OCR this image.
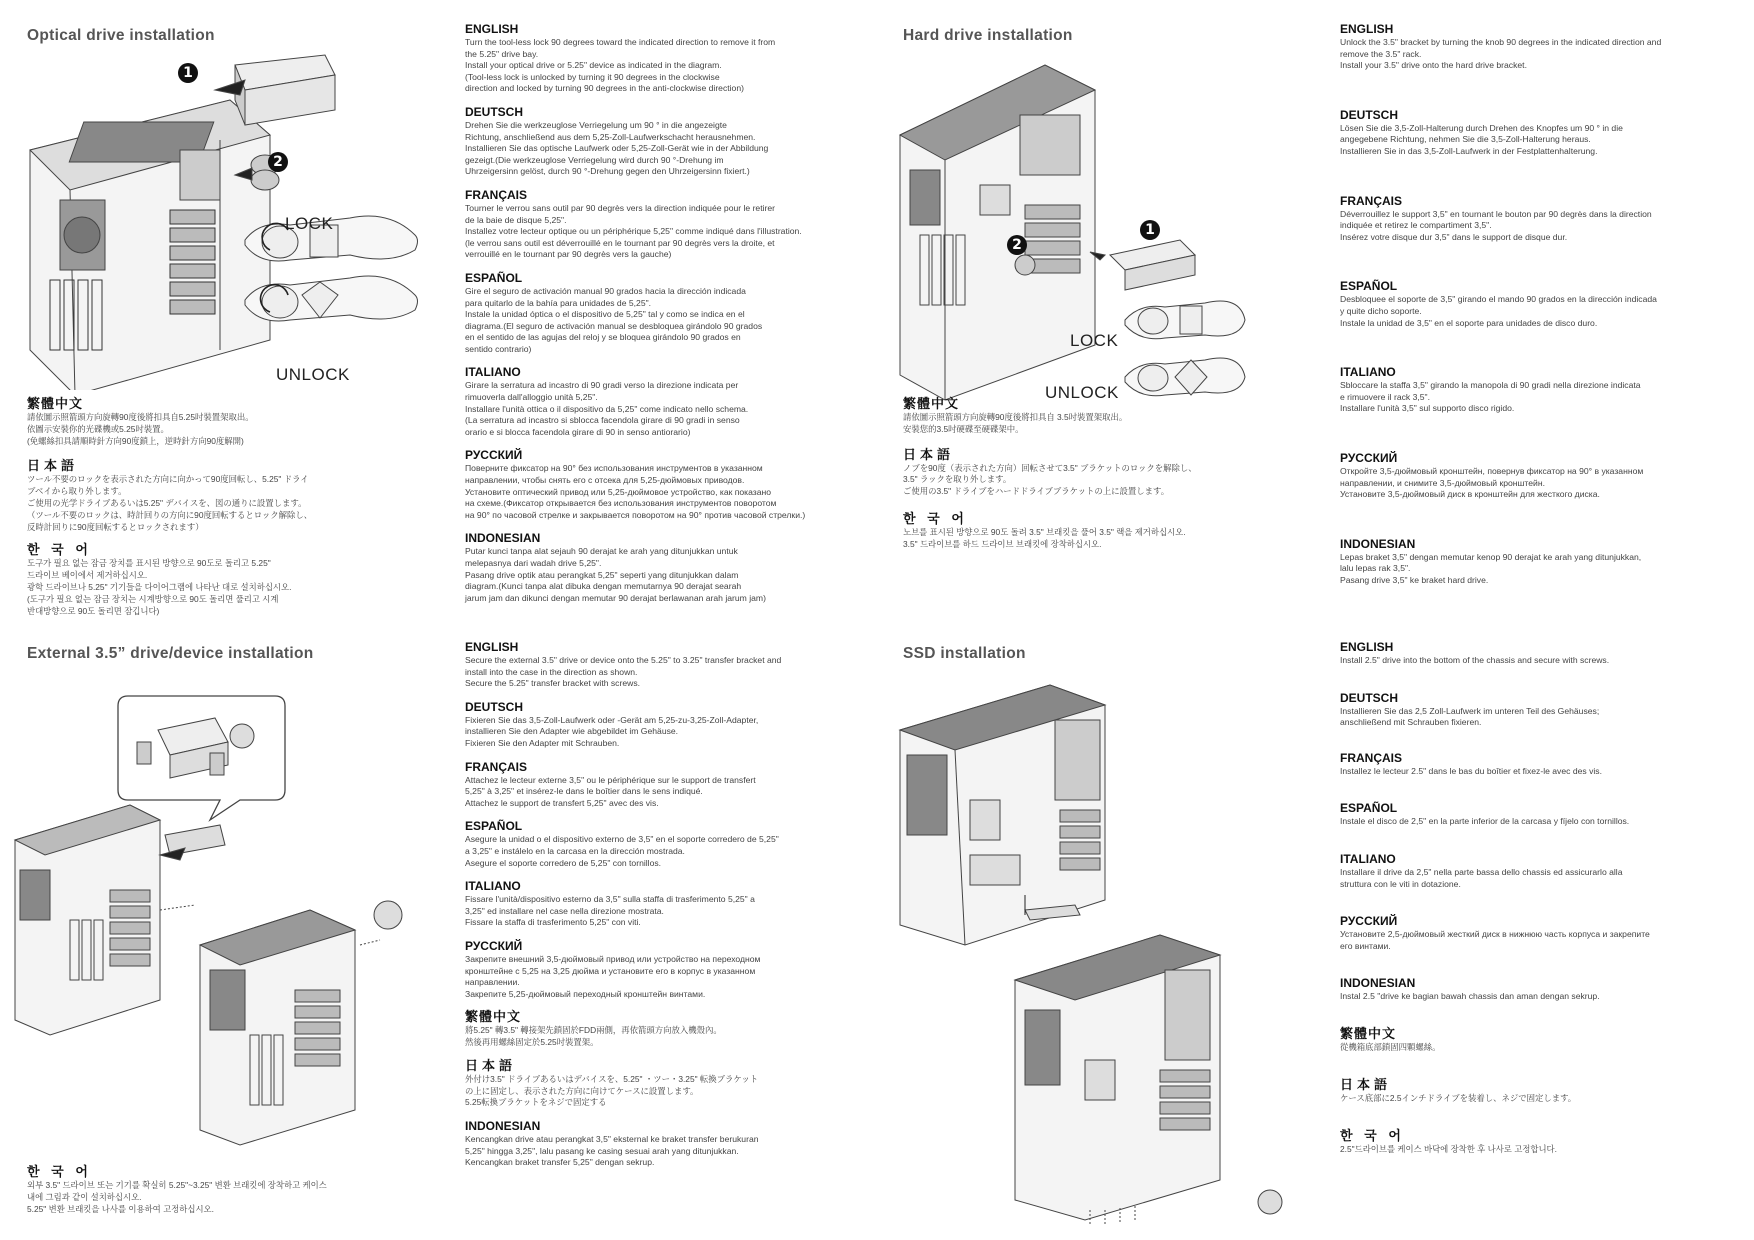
Optical drive installation
1
2
LOCK
UNLOCK
繁體中文
請依圖示照箭頭方向旋轉90度後將扣具自5.25吋裝置架取出。
依圖示安裝你的光碟機或5.25吋裝置。
(免螺絲扣具請順時針方向90度鎖上，逆時針方向90度解開)
日本語
ツール不要のロックを表示された方向に向かって90度回転し、5.25" ドライ
ブベイから取り外します。
ご使用の光学ドライブあるいは5.25" デバイスを、図の通りに設置します。
（ツール不要のロックは、時計回りの方向に90度回転するとロック解除し、
反時計回りに90度回転するとロックされます）
한 국 어
도구가 필요 없는 잠금 장치를 표시된 방향으로 90도로 돌리고 5.25"
드라이브 베이에서 제거하십시오.
광학 드라이브나 5.25" 기기들을 다이어그램에 나타난 대로 설치하십시오.
(도구가 필요 없는 잠금 장치는 시계방향으로 90도 돌리면 풀리고 시계
반대방향으로 90도 돌리면 잠깁니다)
ENGLISH
Turn the tool-less lock 90 degrees toward the indicated direction to remove it from
the 5.25" drive bay.
Install your optical drive or 5.25" device as indicated in the diagram.
(Tool-less lock is unlocked by turning it 90 degrees in the clockwise
direction and locked by turning 90 degrees in the anti-clockwise direction)
DEUTSCH
Drehen Sie die werkzeuglose Verriegelung um 90 ° in die angezeigte
Richtung, anschließend aus dem 5,25-Zoll-Laufwerkschacht herausnehmen.
Installieren Sie das optische Laufwerk oder 5,25-Zoll-Gerät wie in der Abbildung
gezeigt.(Die werkzeuglose Verriegelung wird durch 90 °-Drehung im
Uhrzeigersinn gelöst, durch 90 °-Drehung gegen den Uhrzeigersinn fixiert.)
FRANÇAIS
Tourner le verrou sans outil par 90 degrès vers la direction indiquée pour le retirer
de la baie de disque 5,25".
Installez votre lecteur optique ou un périphérique 5,25" comme indiqué dans l'illustration.
(le verrou sans outil est déverrouillé en le tournant par 90 degrès vers la droite, et
verrouillé en le tournant par 90 degrès vers la gauche)
ESPAÑOL
Gire el seguro de activación manual 90 grados hacia la dirección indicada
para quitarlo de la bahía para unidades de 5,25".
Instale la unidad óptica o el dispositivo de 5,25" tal y como se indica en el
diagrama.(El seguro de activación manual se desbloquea girándolo 90 grados
en el sentido de las agujas del reloj y se bloquea girándolo 90 grados en
sentido contrario)
ITALIANO
Girare la serratura ad incastro di 90 gradi verso la direzione indicata per
rimuoverla dall'alloggio unità 5,25".
Installare l'unità ottica o il dispositivo da 5,25" come indicato nello schema.
(La serratura ad incastro si sblocca facendola girare di 90 gradi in senso
orario e si blocca facendola girare di 90 in senso antiorario)
РУССКИЙ
Поверните фиксатор на 90° без использования инструментов в указанном
направлении, чтобы снять его с отсека для 5,25-дюймовых приводов.
Установите оптический привод или 5,25-дюймовое устройство, как показано
на схеме.(Фиксатор открывается без использования инструментов поворотом
на 90° по часовой стрелке и закрывается поворотом на 90° против часовой стрелки.)
INDONESIAN
Putar kunci tanpa alat sejauh 90 derajat ke arah yang ditunjukkan untuk
melepasnya dari wadah drive 5,25".
Pasang drive optik atau perangkat 5,25" seperti yang ditunjukkan dalam
diagram.(Kunci tanpa alat dibuka dengan memutarnya 90 derajat searah
jarum jam dan dikunci dengan memutar 90 derajat berlawanan arah jarum jam)
External 3.5” drive/device installation
한 국 어
외부 3.5" 드라이브 또는 기기를 확실히 5.25"~3.25" 변환 브래킷에 장착하고 케이스
내에 그림과 같이 설치하십시오.
5.25" 변환 브래킷을 나사를 이용하여 고정하십시오.
ENGLISH
Secure the external 3.5" drive or device onto the 5.25" to 3.25" transfer bracket and
install into the case in the direction as shown.
Secure the 5.25" transfer bracket with screws.
DEUTSCH
Fixieren Sie das 3,5-Zoll-Laufwerk oder -Gerät am 5,25-zu-3,25-Zoll-Adapter,
installieren Sie den Adapter wie abgebildet im Gehäuse.
Fixieren Sie den Adapter mit Schrauben.
FRANÇAIS
Attachez le lecteur externe 3,5" ou le périphérique sur le support de transfert
5,25" à 3,25" et insérez-le dans le boîtier dans le sens indiqué.
Attachez le support de transfert 5,25" avec des vis.
ESPAÑOL
Asegure la unidad o el dispositivo externo de 3,5" en el soporte corredero de 5,25"
a 3,25" e instálelo en la carcasa en la dirección mostrada.
Asegure el soporte corredero de 5,25" con tornillos.
ITALIANO
Fissare l'unità/dispositivo esterno da 3,5" sulla staffa di trasferimento 5,25" a
3,25" ed installare nel case nella direzione mostrata.
Fissare la staffa di trasferimento 5,25" con viti.
РУССКИЙ
Закрепите внешний 3,5-дюймовый привод или устройство на переходном
кронштейне с 5,25 на 3,25 дюйма и установите его в корпус в указанном
направлении.
Закрепите 5,25-дюймовый переходный кронштейн винтами.
繁體中文
將5.25" 轉3.5" 轉接架先鎖固於FDD兩側，再依箭頭方向放入機殼內。
然後再用螺絲固定於5.25吋裝置架。
日本語
外付け3.5" ドライブあるいはデバイスを、5.25" ・ツー・3.25" 転換ブラケット
の上に固定し、表示された方向に向けてケースに設置します。
5.25転換ブラケットをネジで固定する
INDONESIAN
Kencangkan drive atau perangkat 3,5" eksternal ke braket transfer berukuran
5,25" hingga 3,25", lalu pasang ke casing sesuai arah yang ditunjukkan.
Kencangkan braket transfer 5,25" dengan sekrup.
Hard drive installation
1
2
LOCK
UNLOCK
繁體中文
請依圖示照箭頭方向旋轉90度後將扣具自 3.5吋裝置架取出。
安裝您的3.5吋硬碟至硬碟架中。
日本語
ノブを90度（表示された方向）回転させて3.5" ブラケットのロックを解除し、
3.5" ラックを取り外します。
ご使用の3.5" ドライブをハードドライブブラケットの上に設置します。
한 국 어
노브를 표시된 방향으로 90도 돌려 3.5" 브래킷을 풀어 3.5" 랙을 제거하십시오.
3.5" 드라이브를 하드 드라이브 브래킷에 장착하십시오.
ENGLISH
Unlock the 3.5" bracket by turning the knob 90 degrees in the indicated direction and
remove the 3.5" rack.
Install your 3.5" drive onto the hard drive bracket.
DEUTSCH
Lösen Sie die 3,5-Zoll-Halterung durch Drehen des Knopfes um 90 ° in die
angegebene Richtung, nehmen Sie die 3,5-Zoll-Halterung heraus.
Installieren Sie in das 3,5-Zoll-Laufwerk in der Festplattenhalterung.
FRANÇAIS
Déverrouillez le support 3,5" en tournant le bouton par 90 degrès dans la direction
indiquée et retirez le compartiment 3,5".
Insérez votre disque dur 3,5" dans le support de disque dur.
ESPAÑOL
Desbloquee el soporte de 3,5" girando el mando 90 grados en la dirección indicada
y quite dicho soporte.
Instale la unidad de 3,5" en el soporte para unidades de disco duro.
ITALIANO
Sbloccare la staffa 3,5" girando la manopola di 90 gradi nella direzione indicata
e rimuovere il rack 3,5".
Installare l'unità 3,5" sul supporto disco rigido.
РУССКИЙ
Откройте 3,5-дюймовый кронштейн, повернув фиксатор на 90° в указанном
направлении, и снимите 3,5-дюймовый кронштейн.
Установите 3,5-дюймовый диск в кронштейн для жесткого диска.
INDONESIAN
Lepas braket 3,5" dengan memutar kenop 90 derajat ke arah yang ditunjukkan,
lalu lepas rak 3,5".
Pasang drive 3,5" ke braket hard drive.
SSD installation	ENGLISH
Install 2.5" drive into the bottom of the chassis and secure with screws.
DEUTSCH
Installieren Sie das 2,5 Zoll-Laufwerk im unteren Teil des Gehäuses;
anschließend mit Schrauben fixieren.
FRANÇAIS
Installez le lecteur 2.5" dans le bas du boîtier et fixez-le avec des vis.
ESPAÑOL
Instale el disco de 2,5" en la parte inferior de la carcasa y fíjelo con tornillos.
ITALIANO
Installare il drive da 2,5" nella parte bassa dello chassis ed assicurarlo alla
struttura con le viti in dotazione.
РУССКИЙ
Установите 2,5-дюймовый жесткий диск в нижнюю часть корпуса и закрепите
его винтами.
INDONESIAN
Instal 2.5 "drive ke bagian bawah chassis dan aman dengan sekrup.
繁體中文
從機箱底部鎖固四顆螺絲。
日本語
ケース底部に2.5インチドライブを装着し、ネジで固定します。
한 국 어
2.5"드라이브를 케이스 바닥에 장착한 후 나사로 고정합니다.
